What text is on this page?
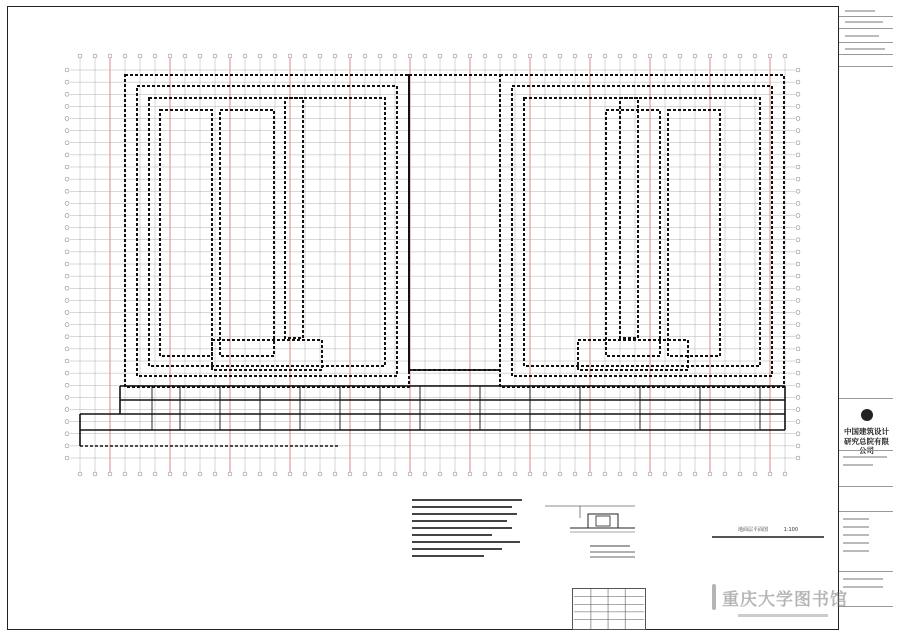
中国建筑设计
研究总院有限公司
地面层平面图	1:100
重庆大学图书馆
